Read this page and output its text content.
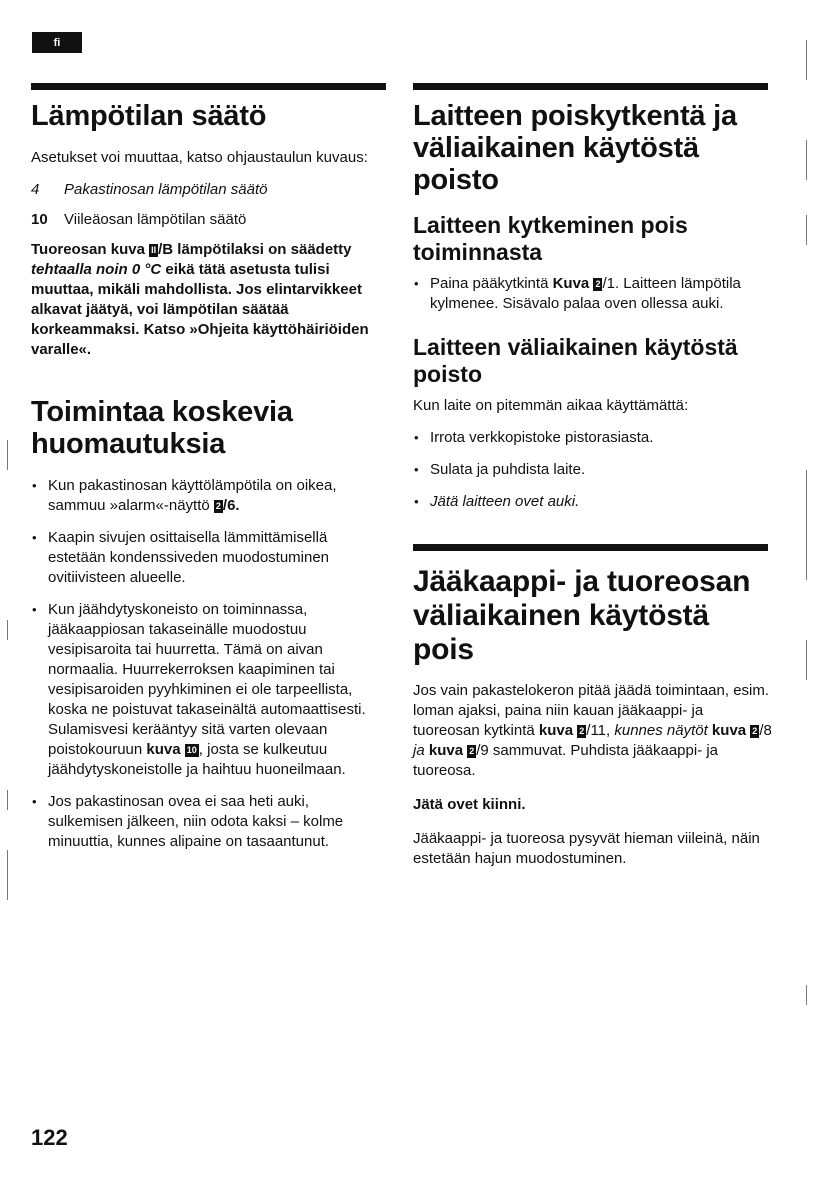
fi
Lämpötilan säätö

Asetukset voi muuttaa, katso ohjaustaulun kuvaus:

4	Pakastinosan lämpötilan säätö
10	Viileäosan lämpötilan säätö

Tuoreosan kuva II /B lämpötilaksi on säädetty tehtaalla noin 0 °C eikä tätä asetusta tulisi muuttaa, mikäli mahdollista. Jos elintarvikkeet alkavat jäätyä, voi lämpötilan säätää korkeammaksi. Katso »Ohjeita käyttöhäiriöiden varalle«.

Toimintaa koskevia huomautuksia
• Kun pakastinosan käyttölämpötila on oikea, sammuu »alarm«-näyttö 2 /6.
• Kaapin sivujen osittaisella lämmittämisellä estetään kondenssiveden muodostuminen ovitiivisteen alueelle.
• Kun jäähdytyskoneisto on toiminnassa, jääkaappiosan takaseinälle muodostuu vesipisaroita tai huurretta. Tämä on aivan normaalia. Huurrekerroksen kaapiminen tai vesipisaroiden pyyhkiminen ei ole tarpeellista, koska ne poistuvat takaseinältä automaattisesti. Sulamisvesi kerääntyy sitä varten olevaan poistokouruun kuva 10 , josta se kulkeutuu jäähdytyskoneistolle ja haihtuu huoneilmaan.
• Jos pakastinosan ovea ei saa heti auki, sulkemisen jälkeen, niin odota kaksi – kolme minuuttia, kunnes alipaine on tasaantunut.
Laitteen poiskytkentä ja väliaikainen käytöstä poisto
Laitteen kytkeminen pois toiminnasta
• Paina pääkytkintä Kuva 2 /1. Laitteen lämpötila kylmenee. Sisävalo palaa oven ollessa auki.
Laitteen väliaikainen käytöstä poisto

Kun laite on pitemmän aikaa käyttämättä:

• Irrota verkkopistoke pistorasiasta.
• Sulata ja puhdista laite.
• Jätä laitteen ovet auki.
Jääkaappi- ja tuoreosan väliaikainen käytöstä pois

Jos vain pakastelokeron pitää jäädä toimintaan, esim. loman ajaksi, paina niin kauan jääkaappi- ja tuoreosan kytkintä kuva 2 /11, kunnes näytöt kuva 2 /8 ja kuva 2 /9 sammuvat. Puhdista jääkaappi- ja tuoreosa.

Jätä ovet kiinni.

Jääkaappi- ja tuoreosa pysyvät hieman viileinä, näin estetään hajun muodostuminen.

122
